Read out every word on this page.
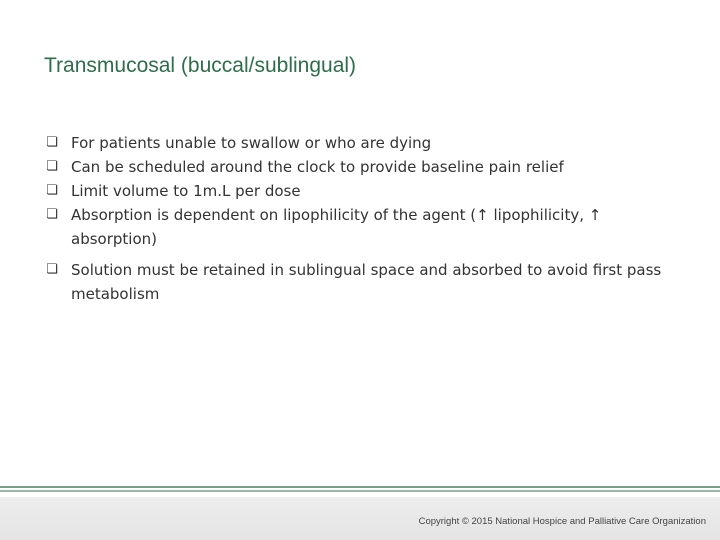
Transmucosal (buccal/sublingual)
❏
For patients unable to swallow or who are dying
❏
Can be scheduled around the clock to provide baseline pain relief
❏
Limit volume to 1m.L per dose
❏
Absorption is dependent on lipophilicity of the agent (↑ lipophilicity, ↑ absorption)
❏
Solution must be retained in sublingual space and absorbed to avoid first pass metabolism
Copyright © 2015 National Hospice and Palliative Care Organization
